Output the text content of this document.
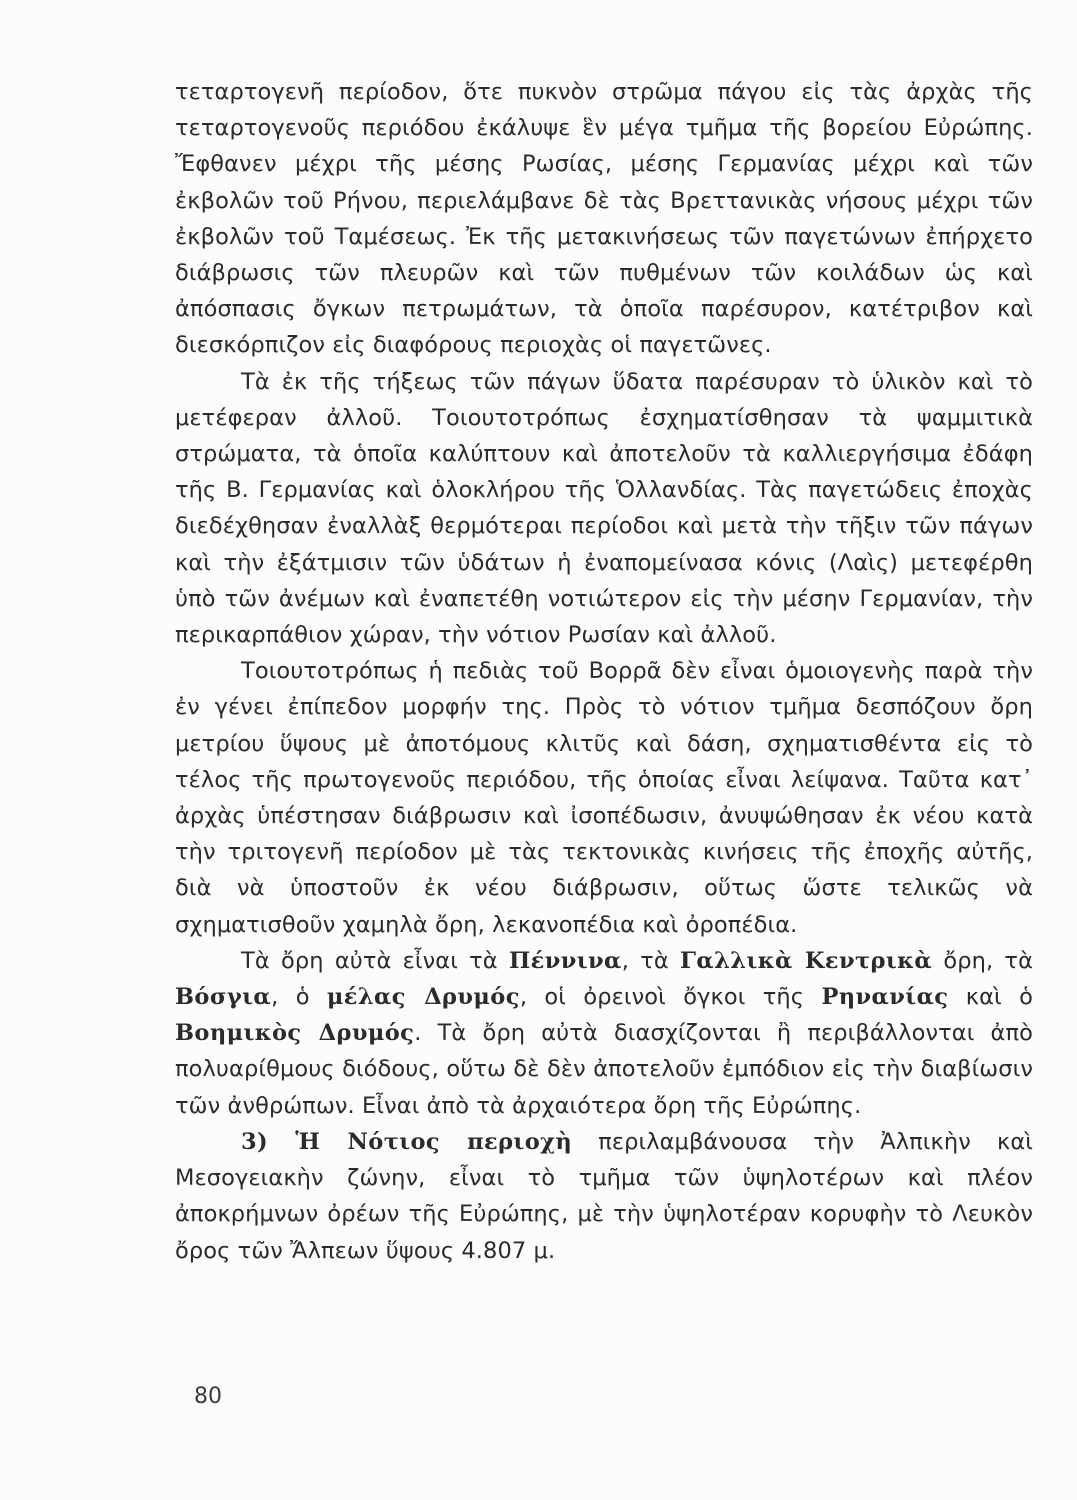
τεταρτογενῆ περίοδον, ὅτε πυκνὸν στρῶμα πάγου εἰς τὰς ἀρχὰς τῆς τεταρτογενοῦς περιόδου ἐκάλυψε ἓν μέγα τμῆμα τῆς βορείου Εὐρώπης. Ἔφθανεν μέχρι τῆς μέσης Ρωσίας, μέσης Γερμανίας μέχρι καὶ τῶν ἐκβολῶν τοῦ Ρήνου, περιελάμβανε δὲ τὰς Βρεττανικὰς νήσους μέχρι τῶν ἐκβολῶν τοῦ Ταμέσεως. Ἐκ τῆς μετακινήσεως τῶν παγετώνων ἐπήρχετο διάβρωσις τῶν πλευρῶν καὶ τῶν πυθμένων τῶν κοιλάδων ὡς καὶ ἀπόσπασις ὄγκων πετρωμάτων, τὰ ὁποῖα παρέσυρον, κατέτριβον καὶ διεσκόρπιζον εἰς διαφόρους περιοχὰς οἱ παγετῶνες.

Τὰ ἐκ τῆς τήξεως τῶν πάγων ὕδατα παρέσυραν τὸ ὑλικὸν καὶ τὸ μετέφεραν ἀλλοῦ. Τοιουτοτρόπως ἐσχηματίσθησαν τὰ ψαμμιτικὰ στρώματα, τὰ ὁποῖα καλύπτουν καὶ ἀποτελοῦν τὰ καλλιεργήσιμα ἐδάφη τῆς Β. Γερμανίας καὶ ὁλοκλήρου τῆς Ὁλλανδίας. Τὰς παγετώδεις ἐποχὰς διεδέχθησαν ἐναλλὰξ θερμότεραι περίοδοι καὶ μετὰ τὴν τῆξιν τῶν πάγων καὶ τὴν ἐξάτμισιν τῶν ὑδάτων ἡ ἐναπομείνασα κόνις (Λαὶς) μετεφέρθη ὑπὸ τῶν ἀνέμων καὶ ἐναπετέθη νοτιώτερον εἰς τὴν μέσην Γερμανίαν, τὴν περικαρπάθιον χώραν, τὴν νότιον Ρωσίαν καὶ ἀλλοῦ.

Τοιουτοτρόπως ἡ πεδιὰς τοῦ Βορρᾶ δὲν εἶναι ὁμοιογενὴς παρὰ τὴν ἐν γένει ἐπίπεδον μορφήν της. Πρὸς τὸ νότιον τμῆμα δεσπόζουν ὄρη μετρίου ὕψους μὲ ἀποτόμους κλιτῦς καὶ δάση, σχηματισθέντα εἰς τὸ τέλος τῆς πρωτογενοῦς περιόδου, τῆς ὁποίας εἶναι λείψανα. Ταῦτα κατ᾽ ἀρχὰς ὑπέστησαν διάβρωσιν καὶ ἰσοπέδωσιν, ἀνυψώθησαν ἐκ νέου κατὰ τὴν τριτογενῆ περίοδον μὲ τὰς τεκτονικὰς κινήσεις τῆς ἐποχῆς αὐτῆς, διὰ νὰ ὑποστοῦν ἐκ νέου διάβρωσιν, οὕτως ὥστε τελικῶς νὰ σχηματισθοῦν χαμηλὰ ὄρη, λεκανοπέδια καὶ ὀροπέδια.

Τὰ ὄρη αὐτὰ εἶναι τὰ Πέννινα, τὰ Γαλλικὰ Κεντρικὰ ὄρη, τὰ Βόσγια, ὁ μέλας Δρυμός, οἱ ὀρεινοὶ ὄγκοι τῆς Ρηνανίας καὶ ὁ Βοημικὸς Δρυμός. Τὰ ὄρη αὐτὰ διασχίζονται ἢ περιβάλλονται ἀπὸ πολυαρίθμους διόδους, οὕτω δὲ δὲν ἀποτελοῦν ἐμπόδιον εἰς τὴν διαβίωσιν τῶν ἀνθρώπων. Εἶναι ἀπὸ τὰ ἀρχαιότερα ὄρη τῆς Εὐρώπης.

3) Ἡ Νότιος περιοχὴ περιλαμβάνουσα τὴν Ἀλπικὴν καὶ Μεσογειακὴν ζώνην, εἶναι τὸ τμῆμα τῶν ὑψηλοτέρων καὶ πλέον ἀποκρήμνων ὀρέων τῆς Εὐρώπης, μὲ τὴν ὑψηλοτέραν κορυφὴν τὸ Λευκὸν ὄρος τῶν Ἄλπεων ὕψους 4.807 μ.

80
